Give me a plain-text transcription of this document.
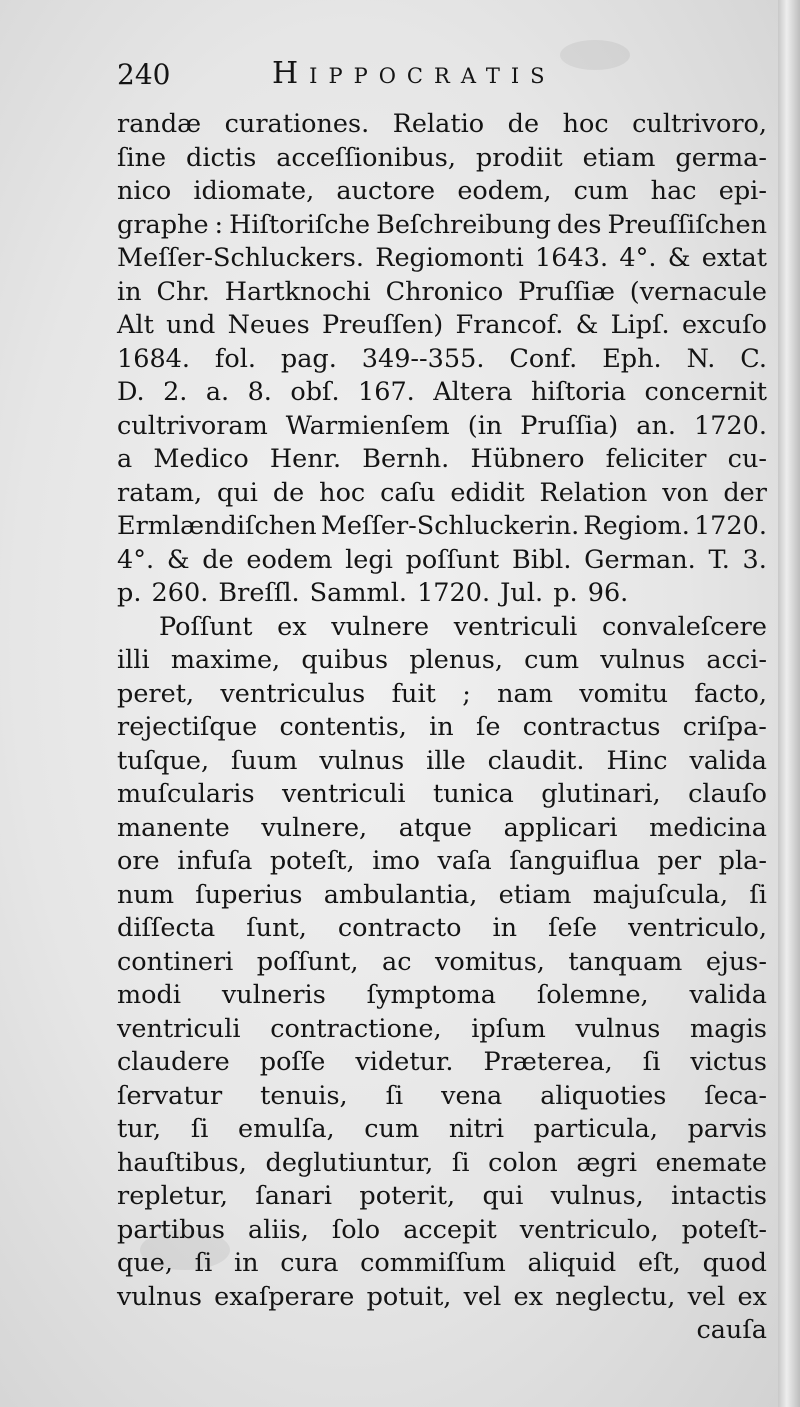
240	Hippocratis
randæ curationes. Relatio de hoc cultrivoro,
ſine dictis acceſſionibus, prodiit etiam germa-
nico idiomate, auctore eodem, cum hac epi-
graphe : Hiſtoriſche Beſchreibung des Preuſſiſchen
Meſſer-Schluckers. Regiomonti 1643. 4°. & extat
in Chr. Hartknochi Chronico Pruſſiæ (vernacule
Alt und Neues Preuſſen) Francof. & Lipſ. excuſo
1684. fol. pag. 349--355. Conf. Eph. N. C.
D. 2. a. 8. obſ. 167. Altera hiſtoria concernit
cultrivoram Warmienſem (in Pruſſia) an. 1720.
a Medico Henr. Bernh. Hübnero feliciter cu-
ratam, qui de hoc caſu edidit Relation von der
Ermlændiſchen Meſſer-Schluckerin. Regiom. 1720.
4°. & de eodem legi poſſunt Bibl. German. T. 3.
p. 260. Breſſl. Samml. 1720. Jul. p. 96.
Poſſunt ex vulnere ventriculi convaleſcere
illi maxime, quibus plenus, cum vulnus acci-
peret, ventriculus fuit ; nam vomitu facto,
rejectiſque contentis, in ſe contractus criſpa-
tuſque, ſuum vulnus ille claudit. Hinc valida
muſcularis ventriculi tunica glutinari, clauſo
manente vulnere, atque applicari medicina
ore infuſa poteſt, imo vaſa ſanguiflua per pla-
num ſuperius ambulantia, etiam majuſcula, ſi
diſſecta ſunt, contracto in ſeſe ventriculo,
contineri poſſunt, ac vomitus, tanquam ejus-
modi vulneris ſymptoma ſolemne, valida
ventriculi contractione, ipſum vulnus magis
claudere poſſe videtur. Præterea, ſi victus
ſervatur tenuis, ſi vena aliquoties ſeca-
tur, ſi emulſa, cum nitri particula, parvis
hauſtibus, deglutiuntur, ſi colon ægri enemate
repletur, ſanari poterit, qui vulnus, intactis
partibus aliis, ſolo accepit ventriculo, poteſt-
que, ſi in cura commiſſum aliquid eſt, quod
vulnus exaſperare potuit, vel ex neglectu, vel ex
cauſa
